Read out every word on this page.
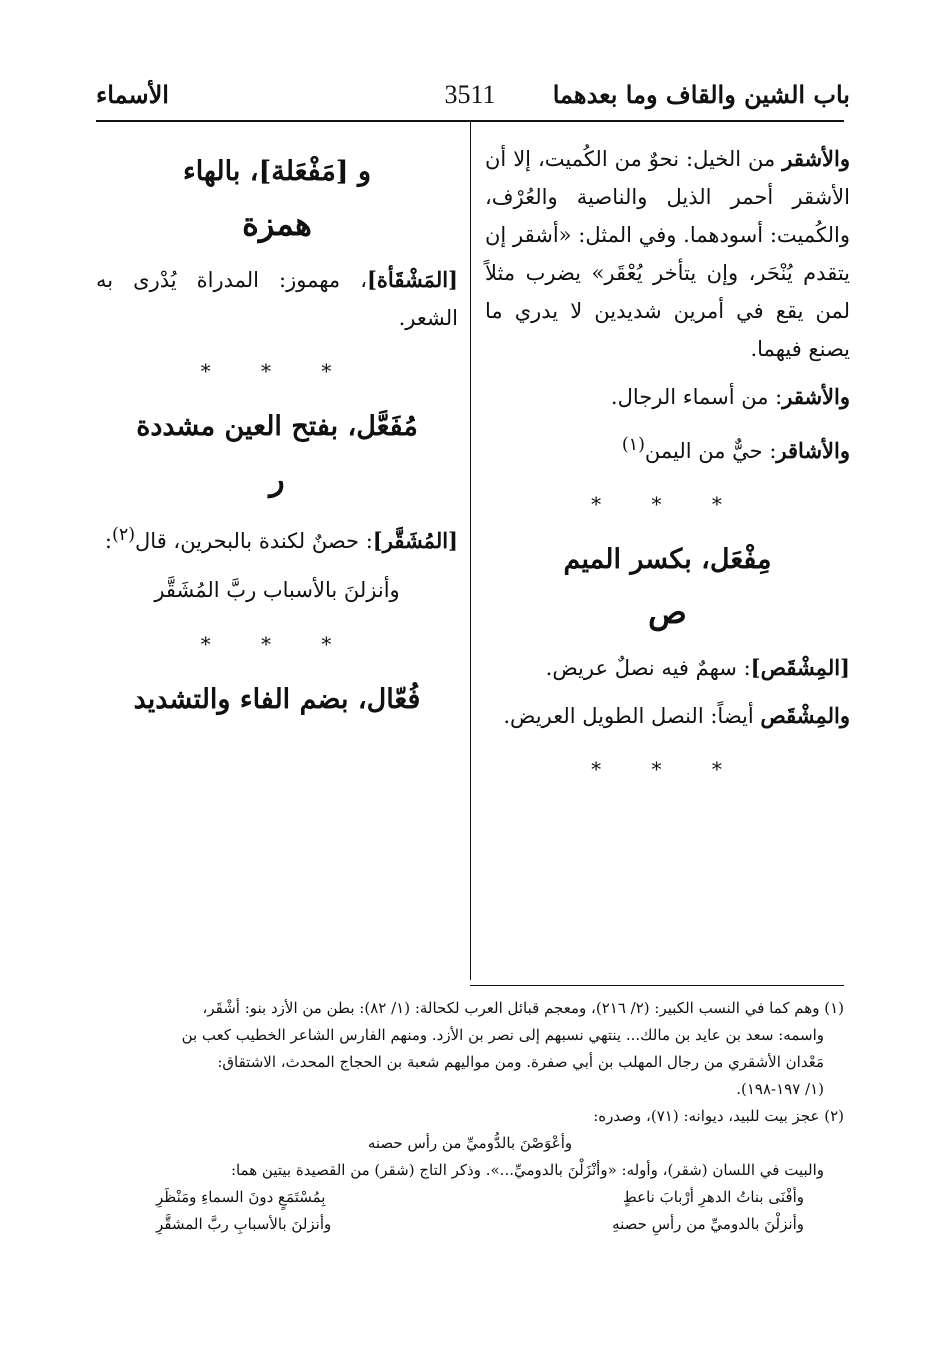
باب الشين والقاف وما بعدهما
3511
الأسماء

والأشقر من الخيل: نحوٌ من الكُميت، إلا أن الأشقر أحمر الذيل والناصية والعُرْف، والكُميت: أسودهما. وفي المثل: «أشقر إن يتقدم يُنْحَر، وإن يتأخر يُعْقَر» يضرب مثلاً لمن يقع في أمرين شديدين لا يدري ما يصنع فيهما.

والأشقر: من أسماء الرجال.

والأشاقر: حيٌّ من اليمن$^{(١)}$

* * *
مِفْعَل، بكسر الميم
ص

[المِشْقَص]: سهمٌ فيه نصلٌ عريض.

والمِشْقَص أيضاً: النصل الطويل العريض.

* * *
و [مَفْعَلة]، بالهاء
همزة

[المَشْقَأة]، مهموز: المدراة يُدْرى به الشعر.

* * *
مُفَعَّل، بفتح العين مشددة
ر

[المُشَقَّر]: حصنٌ لكندة بالبحرين، قال$^{(٢)}$:

وأنزلنَ بالأسباب ربَّ المُشَقَّر
* * *
فُعّال، بضم الفاء والتشديد
(١) وهم كما في النسب الكبير: (٢/ ٢١٦)، ومعجم قبائل العرب لكحالة: (١/ ٨٢): بطن من الأزد بنو: أشْقَر،
واسمه: سعد بن عايد بن مالك... ينتهي نسبهم إلى نصر بن الأزد. ومنهم الفارس الشاعر الخطيب كعب بن
مَعْدان الأشقري من رجال المهلب بن أبي صفرة. ومن مواليهم شعبة بن الحجاج المحدث، الاشتقاق:
(١/ ١٩٧-١٩٨).
(٢) عجز بيت للبيد، ديوانه: (٧١)، وصدره:
وأعْوَصْنَ بالدُّوميِّ من رأس حصنه
والبيت في اللسان (شقر)، وأوله: «وأنْزَلْنَ بالدوميِّ...». وذكر التاج (شقر) من القصيدة بيتين هما:
وأفْنَى بناتُ الدهرِ أرْبابَ ناعطٍ
بِمُسْتَمَعٍ دونَ السماءِ ومَنْظَرِ
وأنزلْنَ بالدوميِّ من رأسِ حصنهِ
وأنزلنَ بالأسبابِ ربَّ المشقَّرِ
